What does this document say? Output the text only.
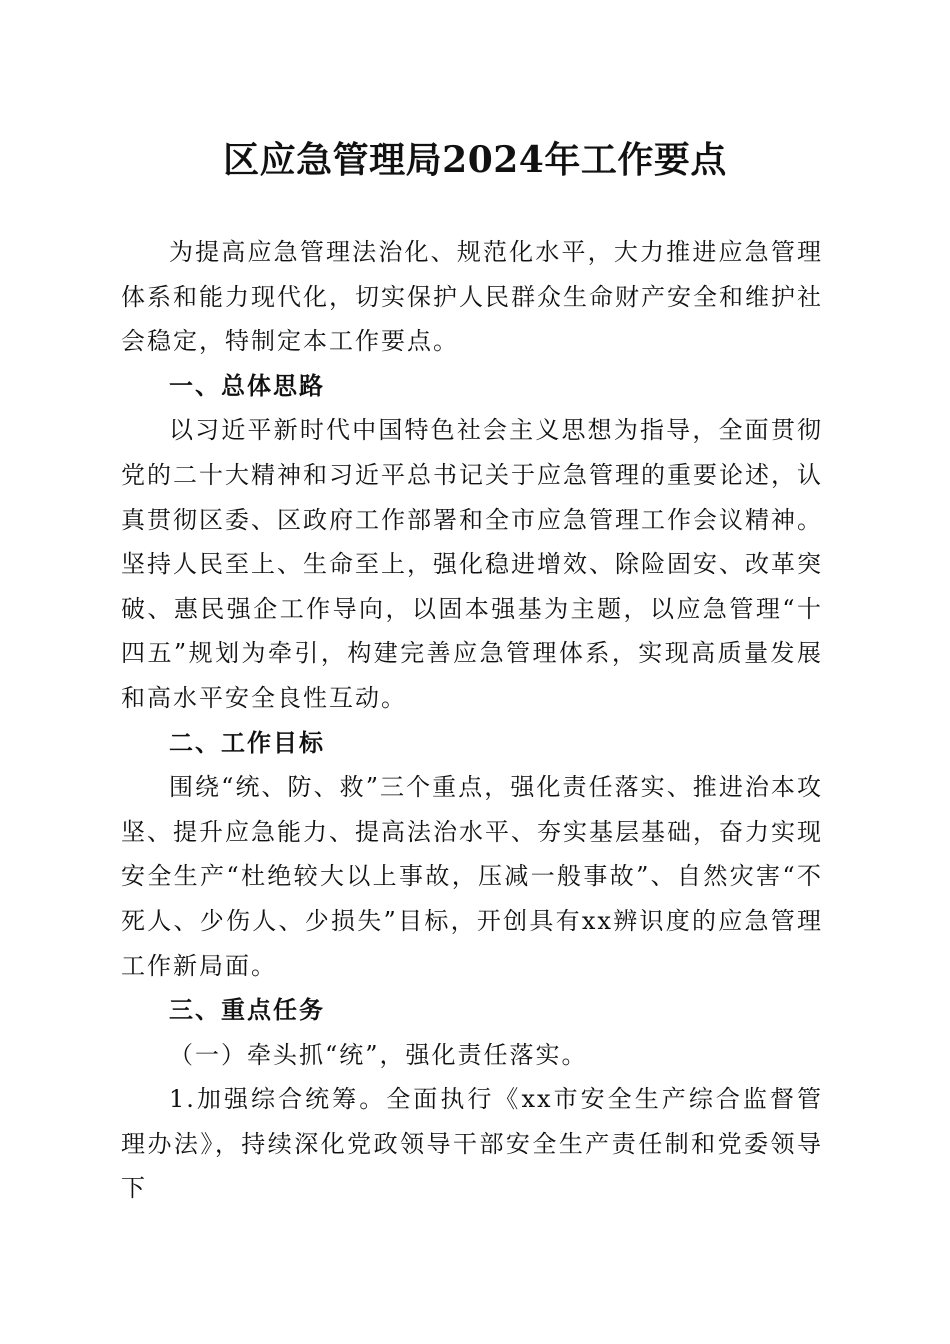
区应急管理局2024年工作要点

为提高应急管理法治化、规范化水平，大力推进应急管理体系和能力现代化，切实保护人民群众生命财产安全和维护社会稳定，特制定本工作要点。

一、总体思路

以习近平新时代中国特色社会主义思想为指导，全面贯彻党的二十大精神和习近平总书记关于应急管理的重要论述，认真贯彻区委、区政府工作部署和全市应急管理工作会议精神。坚持人民至上、生命至上，强化稳进增效、除险固安、改革突破、惠民强企工作导向，以固本强基为主题，以应急管理“十四五”规划为牵引，构建完善应急管理体系，实现高质量发展和高水平安全良性互动。

二、工作目标

围绕“统、防、救”三个重点，强化责任落实、推进治本攻坚、提升应急能力、提高法治水平、夯实基层基础，奋力实现安全生产“杜绝较大以上事故，压减一般事故”、自然灾害“不死人、少伤人、少损失”目标，开创具有xx辨识度的应急管理工作新局面。

三、重点任务

（一）牵头抓“统”，强化责任落实。

1.加强综合统筹。全面执行《xx市安全生产综合监督管理办法》，持续深化党政领导干部安全生产责任制和党委领导下
